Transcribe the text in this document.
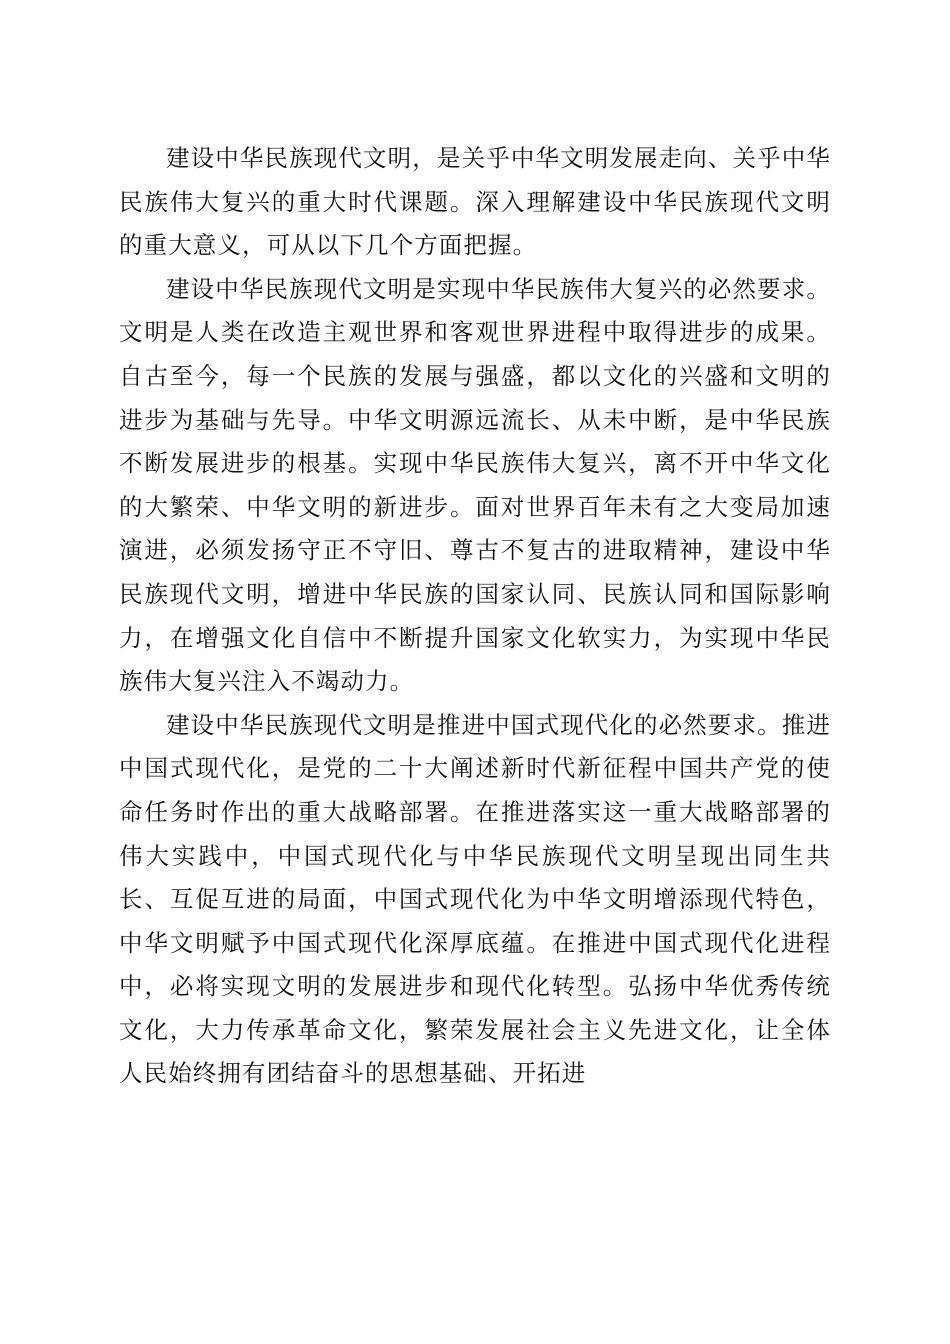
建设中华民族现代文明，是关乎中华文明发展走向、关乎中华民族伟大复兴的重大时代课题。深入理解建设中华民族现代文明的重大意义，可从以下几个方面把握。

建设中华民族现代文明是实现中华民族伟大复兴的必然要求。文明是人类在改造主观世界和客观世界进程中取得进步的成果。自古至今，每一个民族的发展与强盛，都以文化的兴盛和文明的进步为基础与先导。中华文明源远流长、从未中断，是中华民族不断发展进步的根基。实现中华民族伟大复兴，离不开中华文化的大繁荣、中华文明的新进步。面对世界百年未有之大变局加速演进，必须发扬守正不守旧、尊古不复古的进取精神，建设中华民族现代文明，增进中华民族的国家认同、民族认同和国际影响力，在增强文化自信中不断提升国家文化软实力，为实现中华民族伟大复兴注入不竭动力。

建设中华民族现代文明是推进中国式现代化的必然要求。推进中国式现代化，是党的二十大阐述新时代新征程中国共产党的使命任务时作出的重大战略部署。在推进落实这一重大战略部署的伟大实践中，中国式现代化与中华民族现代文明呈现出同生共长、互促互进的局面，中国式现代化为中华文明增添现代特色，中华文明赋予中国式现代化深厚底蕴。在推进中国式现代化进程中，必将实现文明的发展进步和现代化转型。弘扬中华优秀传统文化，大力传承革命文化，繁荣发展社会主义先进文化，让全体人民始终拥有团结奋斗的思想基础、开拓进
